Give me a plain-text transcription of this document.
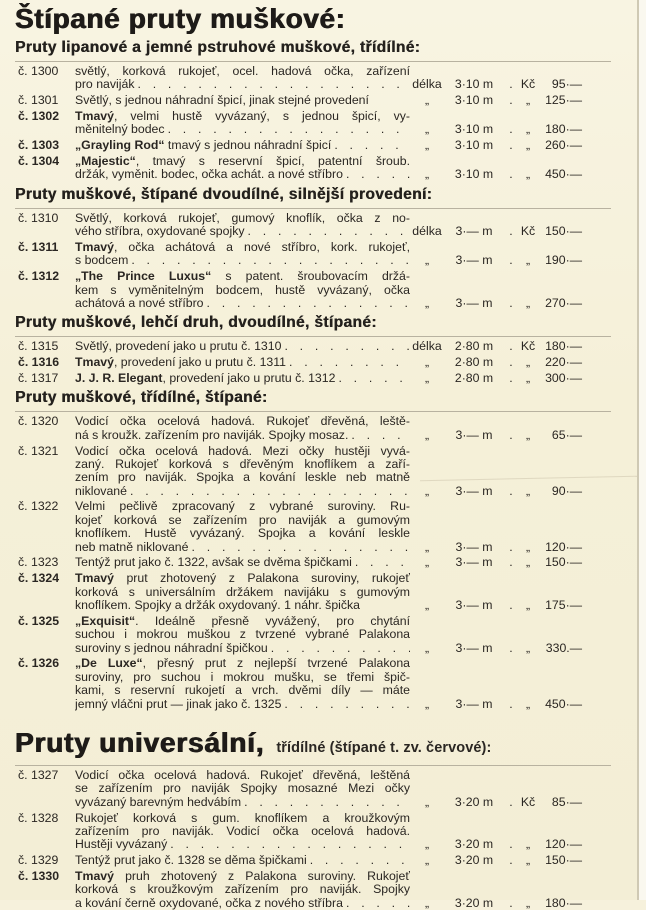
Štípané pruty muškové:
Pruty lipanové a jemné pstruhové muškové, třídílné:
č. 1300	světlý, korková rukojeť, ocel. hadová očka, zařízení
pro naviják . . .	délka	3·10 m	. Kč	95·—
č. 1301	Světlý, s jednou náhradní špicí, jinak stejné provedení	„	3·10 m	.	„	125·—
č. 1302	Tmavý, velmi hustě vyvázaný, s jednou špicí, vy-
měnitelný bodec . . .	„	3·10 m	.	„	180·—
č. 1303	„Grayling Rod“ tmavý s jednou náhradní špicí . . .	„	3·10 m	.	„	260·—
č. 1304	„Majestic“, tmavý s reservní špicí, patentní šroub.
držák, vyměnit. bodec, očka achát. a nové stříbro . . .	„	3·10 m	.	„	450·—
Pruty muškové, štípané dvoudílné, silnější provedení:
č. 1310	Světlý, korková rukojeť, gumový knoflík, očka z no-
vého stříbra, oxydované spojky . . .	délka	3·— m	. Kč 150·—
č. 1311	Tmavý, očka achátová a nové stříbro, kork. rukojeť,
s bodcem . . .	„	3·— m	.	„	190·—
č. 1312	„The Prince Luxus“ s patent. šroubovacím držá-
kem s vyměnitelným bodcem, hustě vyvázaný, očka
achátová a nové stříbro . . .	„	3·— m	.	„	270·—
Pruty muškové, lehčí druh, dvoudílné, štípané:
č. 1315	Světlý, provedení jako u prutu č. 1310 . . .	délka	2·80 m	. Kč 180·—
č. 1316	Tmavý, provedení jako u prutu č. 1311 . . .	„	2·80 m	.	„	220·—
č. 1317	J. J. R. Elegant, provedení jako u prutu č. 1312 . . .	„	2·80 m	.	„	300·—
Pruty muškové, třídílné, štípané:
č. 1320	Vodicí očka ocelová hadová. Rukojeť dřevěná, leště-
ná s kroužk. zařízením pro naviják. Spojky mosaz. . . .	„	3·— m	.	„	65·—
č. 1321	Vodicí očka ocelová hadová. Mezi očky hustěji vyvá-
zaný. Rukojeť korková s dřevěným knoflíkem a zaří-
zením pro naviják. Spojka a kování leskle neb matně
niklované . . .	„	3·— m	.	„	90·—
č. 1322	Velmi pečlivě zpracovaný z vybrané suroviny. Ru-
kojeť korková se zařízením pro naviják a gumovým
knoflíkem. Hustě vyvázaný. Spojka a kování leskle
neb matně niklované . . .	„	3·— m	.	„	120·—
č. 1323	Tentýž prut jako č. 1322, avšak se dvěma špičkami . . .	„	3·— m	.	„	150·—
č. 1324	Tmavý prut zhotovený z Palakona suroviny, rukojeť
korková s universálním držákem navijáku s gumovým
knoflíkem. Spojky a držák oxydovaný. 1 náhr. špička	„	3·— m	.	„	175·—
č. 1325	„Exquisit“. Ideálně přesně vyvážený, pro chytání
suchou i mokrou muškou z tvrzené vybrané Palakona
suroviny s jednou náhradní špičkou . . .	„	3·— m	.	„	330.—
č. 1326	„De Luxe“, přesný prut z nejlepší tvrzené Palakona
suroviny, pro suchou i mokrou mušku, se třemi špič-
kami, s reservní rukojetí a vrch. dvěmi díly — máte
jemný vláčni prut — jinak jako č. 1325 . . .	„	3·— m	.	„	450·—
Pruty universální, třídílné (štípané t. zv. červové):
č. 1327	Vodicí očka ocelová hadová. Rukojeť dřevěná, leštěná
se zařízením pro naviják Spojky mosazné Mezi očky
vyvázaný barevným hedvábím . . .	„	3·20 m	. Kč	85·—
č. 1328	Rukojeť korková s gum. knoflíkem a kroužkovým
zařízením pro naviják. Vodicí očka ocelová hadová.
Hustěji vyvázaný . . .	„	3·20 m	.	„	120·—
č. 1329	Tentýž prut jako č. 1328 se děma špičkami . . .	„	3·20 m	.	„	150·—
č. 1330	Tmavý pruh zhotovený z Palakona suroviny. Rukojeť
korková s kroužkovým zařízením pro naviják. Spojky
a kování černě oxydované, očka z nového stříbra . . .	„	3·20 m	.	„	180·—
